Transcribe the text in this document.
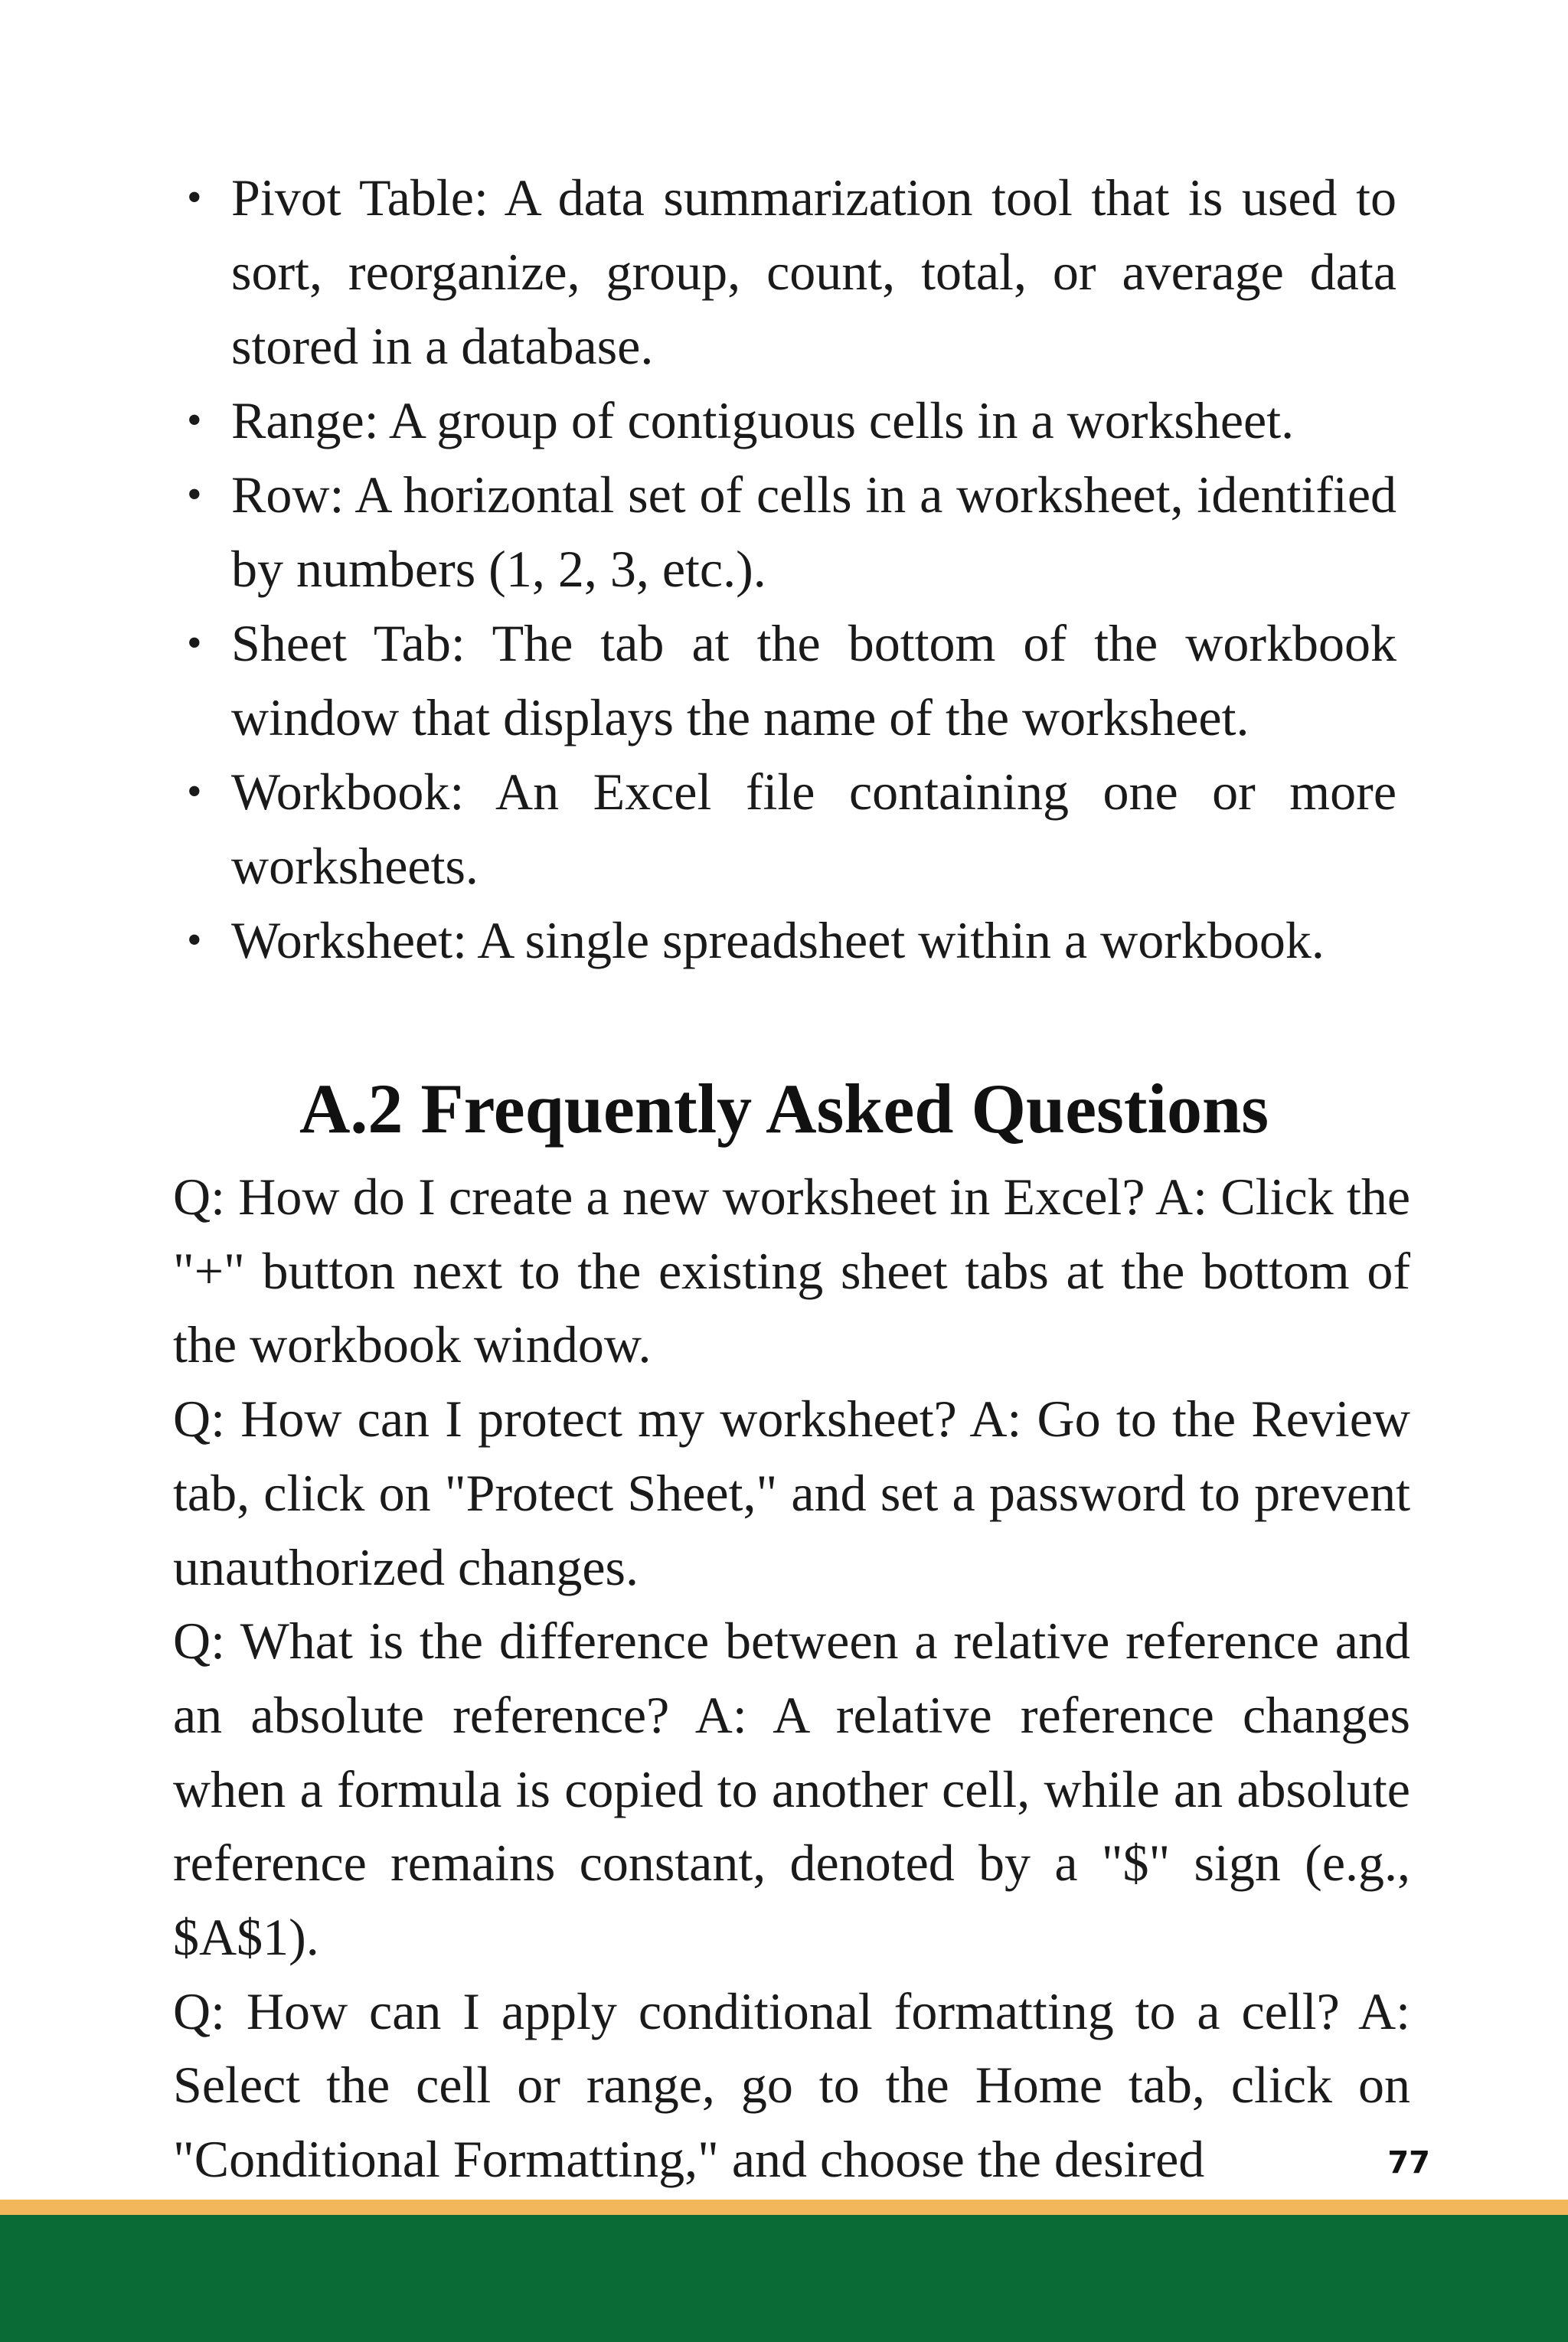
• Pivot Table: A data summarization tool that is used to sort, reorganize, group, count, total, or average data stored in a database.
• Range: A group of contiguous cells in a worksheet.
• Row: A horizontal set of cells in a worksheet, identified by numbers (1, 2, 3, etc.).
• Sheet Tab: The tab at the bottom of the workbook window that displays the name of the worksheet.
• Workbook: An Excel file containing one or more worksheets.
• Worksheet: A single spreadsheet within a workbook.
A.2 Frequently Asked Questions

Q: How do I create a new worksheet in Excel? A: Click the "+" button next to the existing sheet tabs at the bottom of the workbook window.

Q: How can I protect my worksheet? A: Go to the Review tab, click on "Protect Sheet," and set a password to prevent unauthorized changes.

Q: What is the difference between a relative reference and an absolute reference? A: A relative reference changes when a formula is copied to another cell, while an absolute reference remains constant, denoted by a "$" sign (e.g., $A$1).

Q: How can I apply conditional formatting to a cell? A: Select the cell or range, go to the Home tab, click on "Conditional Formatting," and choose the desired	77
